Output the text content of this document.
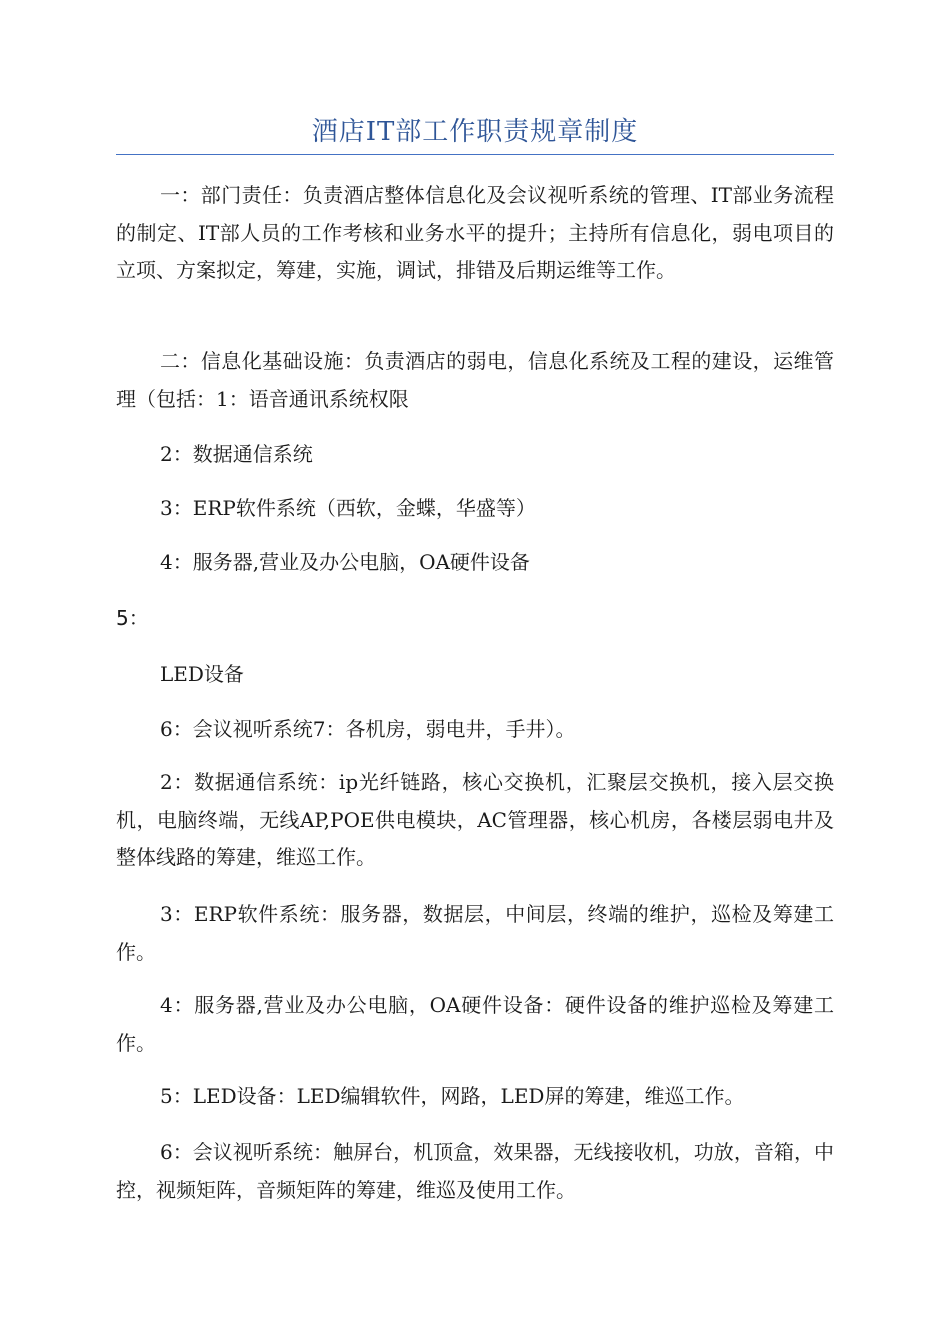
酒店IT部工作职责规章制度

一：部门责任：负责酒店整体信息化及会议视听系统的管理、IT部业务流程的制定、IT部人员的工作考核和业务水平的提升；主持所有信息化，弱电项目的立项、方案拟定，筹建，实施，调试，排错及后期运维等工作。

二：信息化基础设施：负责酒店的弱电，信息化系统及工程的建设，运维管理（包括：1：语音通讯系统权限

2：数据通信系统

3：ERP软件系统（西软，金蝶，华盛等）

4：服务器,营业及办公电脑，OA硬件设备

5：

LED设备

6：会议视听系统7：各机房，弱电井，手井）。

2：数据通信系统：ip光纤链路，核心交换机，汇聚层交换机，接入层交换机，电脑终端，无线AP,POE供电模块，AC管理器，核心机房，各楼层弱电井及整体线路的筹建，维巡工作。

3：ERP软件系统：服务器，数据层，中间层，终端的维护，巡检及筹建工作。

4：服务器,营业及办公电脑，OA硬件设备：硬件设备的维护巡检及筹建工作。

5：LED设备：LED编辑软件，网路，LED屏的筹建，维巡工作。

6：会议视听系统：触屏台，机顶盒，效果器，无线接收机，功放，音箱，中控，视频矩阵，音频矩阵的筹建，维巡及使用工作。
